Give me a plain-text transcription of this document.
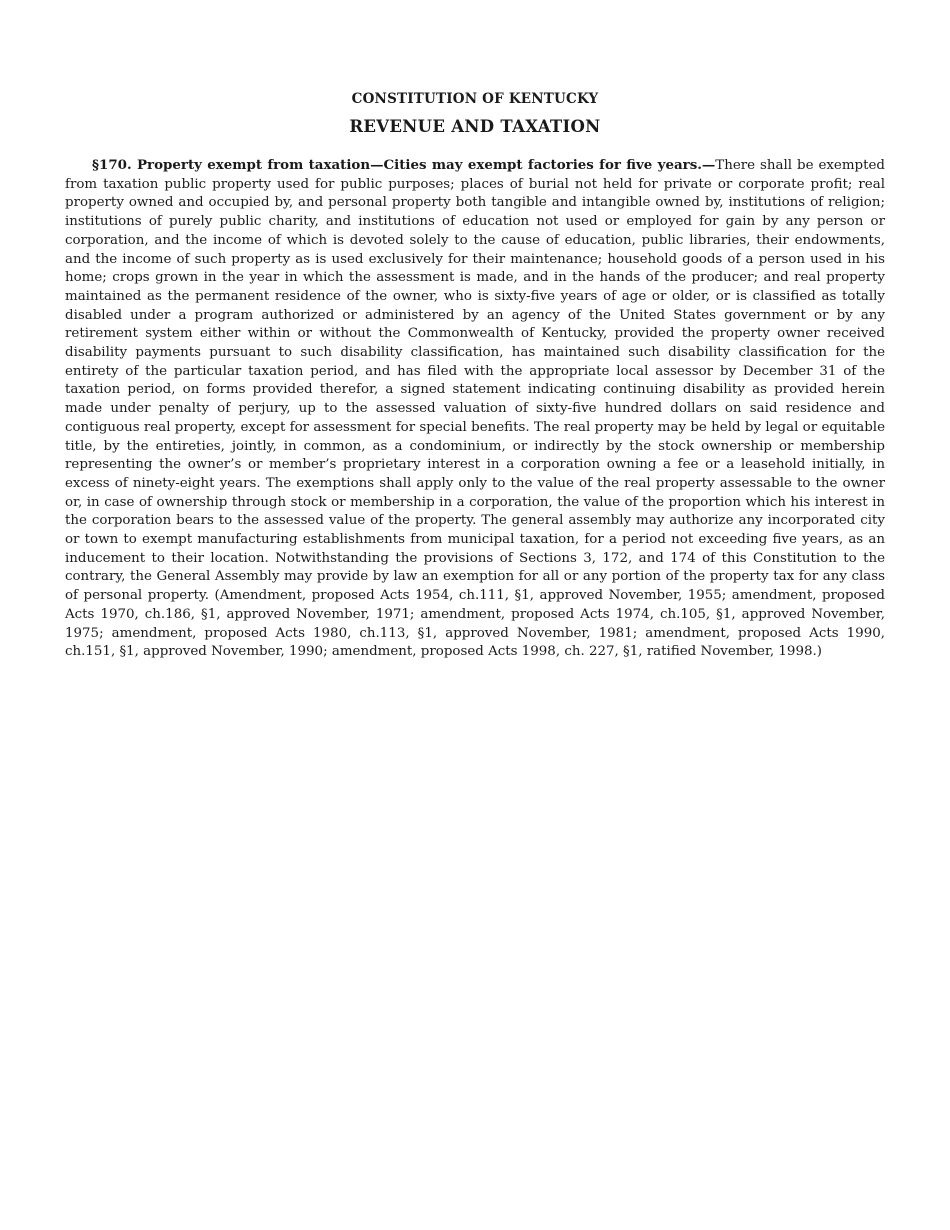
CONSTITUTION OF KENTUCKY
REVENUE AND TAXATION

§170. Property exempt from taxation—Cities may exempt factories for five years.—There shall be exempted from taxation public property used for public purposes; places of burial not held for private or corporate profit; real property owned and occupied by, and personal property both tangible and intangible owned by, institutions of religion; institutions of purely public charity, and institutions of education not used or employed for gain by any person or corporation, and the income of which is devoted solely to the cause of education, public libraries, their endowments, and the income of such property as is used exclusively for their maintenance; household goods of a person used in his home; crops grown in the year in which the assessment is made, and in the hands of the producer; and real property maintained as the permanent residence of the owner, who is sixty-five years of age or older, or is classified as totally disabled under a program authorized or administered by an agency of the United States government or by any retirement system either within or without the Commonwealth of Kentucky, provided the property owner received disability payments pursuant to such disability classification, has maintained such disability classification for the entirety of the particular taxation period, and has filed with the appropriate local assessor by December 31 of the taxation period, on forms provided therefor, a signed statement indicating continuing disability as provided herein made under penalty of perjury, up to the assessed valuation of sixty-five hundred dollars on said residence and contiguous real property, except for assessment for special benefits. The real property may be held by legal or equitable title, by the entireties, jointly, in common, as a condominium, or indirectly by the stock ownership or membership representing the owner’s or member’s proprietary interest in a corporation owning a fee or a leasehold initially, in excess of ninety-eight years. The exemptions shall apply only to the value of the real property assessable to the owner or, in case of ownership through stock or membership in a corporation, the value of the proportion which his interest in the corporation bears to the assessed value of the property. The general assembly may authorize any incorporated city or town to exempt manufacturing establishments from municipal taxation, for a period not exceeding five years, as an inducement to their location. Notwithstanding the provisions of Sections 3, 172, and 174 of this Constitution to the contrary, the General Assembly may provide by law an exemption for all or any portion of the property tax for any class of personal property. (Amendment, proposed Acts 1954, ch.111, §1, approved November, 1955; amendment, proposed Acts 1970, ch.186, §1, approved November, 1971; amendment, proposed Acts 1974, ch.105, §1, approved November, 1975; amendment, proposed Acts 1980, ch.113, §1, approved November, 1981; amendment, proposed Acts 1990, ch.151, §1, approved November, 1990; amendment, proposed Acts 1998, ch. 227, §1, ratified November, 1998.)
